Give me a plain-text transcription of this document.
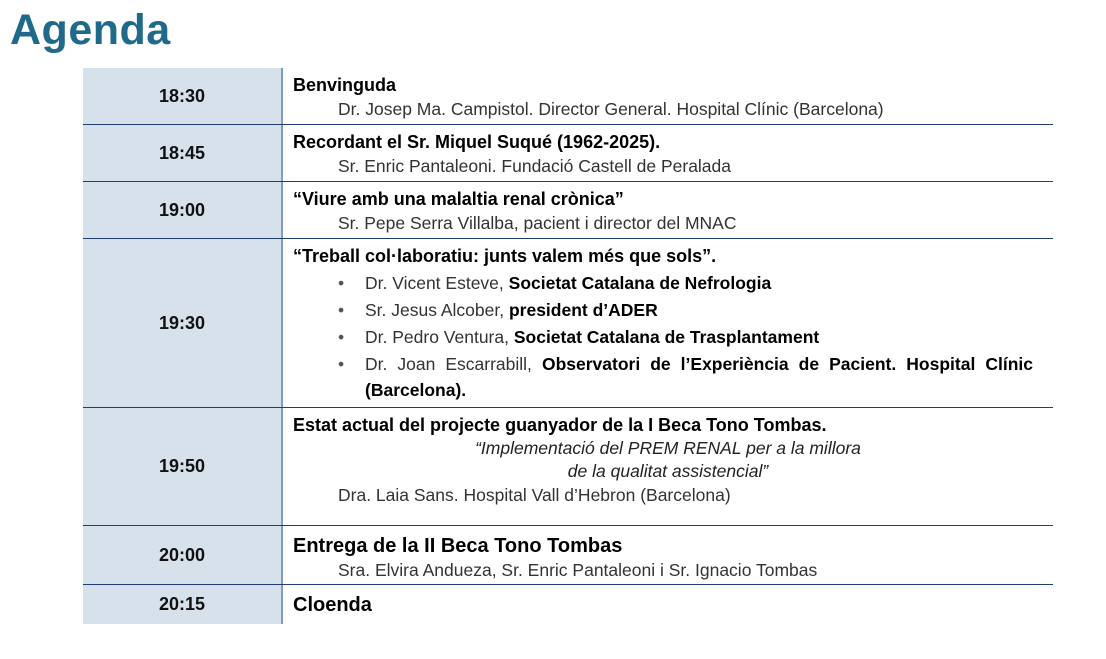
Agenda
18:30
Benvinguda
Dr. Josep Ma. Campistol. Director General. Hospital Clínic (Barcelona)
18:45
Recordant el Sr. Miquel Suqué (1962-2025).
Sr. Enric Pantaleoni. Fundació Castell de Peralada
19:00
“Viure amb una malaltia renal crònica”
Sr. Pepe Serra Villalba, pacient i director del MNAC
19:30
“Treball col·laboratiu: junts valem més que sols”.
• Dr. Vicent Esteve, Societat Catalana de Nefrologia
• Sr. Jesus Alcober, president d’ADER
• Dr. Pedro Ventura, Societat Catalana de Trasplantament
• Dr. Joan Escarrabill, Observatori de l’Experiència de Pacient. Hospital Clínic (Barcelona).
19:50
Estat actual del projecte guanyador de la I Beca Tono Tombas.
“Implementació del PREM RENAL per a la millora
de la qualitat assistencial”
Dra. Laia Sans. Hospital Vall d’Hebron (Barcelona)
20:00	Entrega de la II Beca Tono Tombas
Sra. Elvira Andueza, Sr. Enric Pantaleoni i Sr. Ignacio Tombas
20:15	Cloenda
